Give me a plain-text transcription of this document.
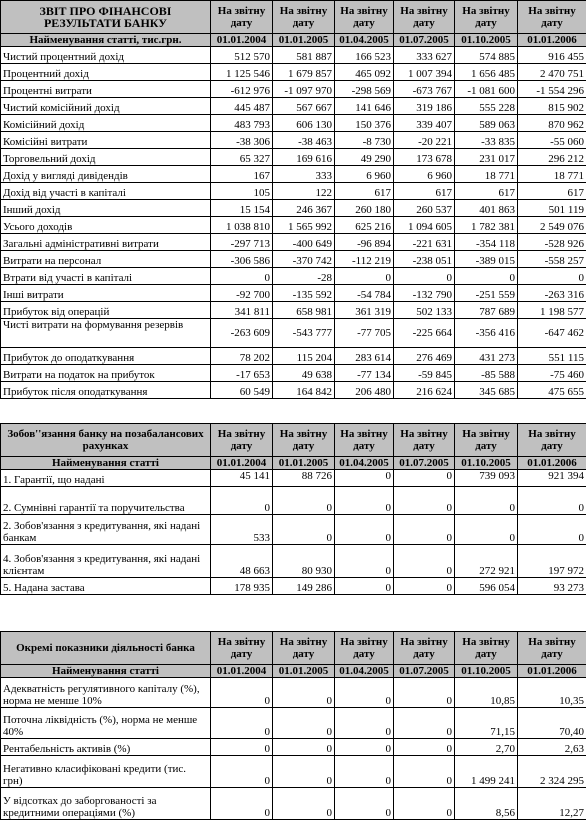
ЗВІТ ПРО ФІНАНСОВІ РЕЗУЛЬТАТИ БАНКУ	На звітну дату	На звітну дату	На звітну дату	На звітну дату	На звітну дату	На звітну дату
Найменування статті, тис.грн.	01.01.2004	01.01.2005	01.04.2005	01.07.2005	01.10.2005	01.01.2006
Чистий процентний дохід	512 570	581 887	166 523	333 627	574 885	916 455
Процентний дохід	1 125 546	1 679 857	465 092	1 007 394	1 656 485	2 470 751
Процентні витрати	-612 976	-1 097 970	-298 569	-673 767	-1 081 600	-1 554 296
Чистий комісійний дохід	445 487	567 667	141 646	319 186	555 228	815 902
Комісійний дохід	483 793	606 130	150 376	339 407	589 063	870 962
Комісійні витрати	-38 306	-38 463	-8 730	-20 221	-33 835	-55 060
Торговельний дохід	65 327	169 616	49 290	173 678	231 017	296 212
Дохід у вигляді дивідендів	167	333	6 960	6 960	18 771	18 771
Дохід від участі в капіталі	105	122	617	617	617	617
Інший дохід	15 154	246 367	260 180	260 537	401 863	501 119
Усього доходів	1 038 810	1 565 992	625 216	1 094 605	1 782 381	2 549 076
Загальні адміністративні витрати	-297 713	-400 649	-96 894	-221 631	-354 118	-528 926
Витрати на персонал	-306 586	-370 742	-112 219	-238 051	-389 015	-558 257
Втрати від участі в капіталі	0	-28	0	0	0	0
Інші витрати	-92 700	-135 592	-54 784	-132 790	-251 559	-263 316
Прибуток від операцій	341 811	658 981	361 319	502 133	787 689	1 198 577
Чисті витрати на формування резервів	-263 609	-543 777	-77 705	-225 664	-356 416	-647 462
Прибуток до оподаткування	78 202	115 204	283 614	276 469	431 273	551 115
Витрати на податок на прибуток	-17 653	49 638	-77 134	-59 845	-85 588	-75 460
Прибуток після оподаткування	60 549	164 842	206 480	216 624	345 685	475 655

Зобов''язання банку на позабалансових рахунках	На звітну дату	На звітну дату	На звітну дату	На звітну дату	На звітну дату	На звітну дату
Найменування статті	01.01.2004	01.01.2005	01.04.2005	01.07.2005	01.10.2005	01.01.2006
1. Гарантії, що надані	45 141	88 726	0	0	739 093	921 394
2. Сумнівні гарантії та поручительства	0	0	0	0	0	0
2. Зобов'язання з кредитування, які надані банкам	533	0	0	0	0	0
4. Зобов'язання з кредитування, які надані клієнтам	48 663	80 930	0	0	272 921	197 972
5. Надана застава	178 935	149 286	0	0	596 054	93 273

Окремі показники діяльності банка	На звітну дату	На звітну дату	На звітну дату	На звітну дату	На звітну дату	На звітну дату
Найменування статті	01.01.2004	01.01.2005	01.04.2005	01.07.2005	01.10.2005	01.01.2006
Адекватність регулятивного капіталу (%), норма не менше 10%	0	0	0	0	10,85	10,35
Поточна ліквідність (%), норма не менше 40%	0	0	0	0	71,15	70,40
Рентабельність активів (%)	0	0	0	0	2,70	2,63
Негативно класифіковані кредити (тис. грн)	0	0	0	0	1 499 241	2 324 295
У відсотках до заборгованості за кредитними операціями (%)	0	0	0	0	8,56	12,27
